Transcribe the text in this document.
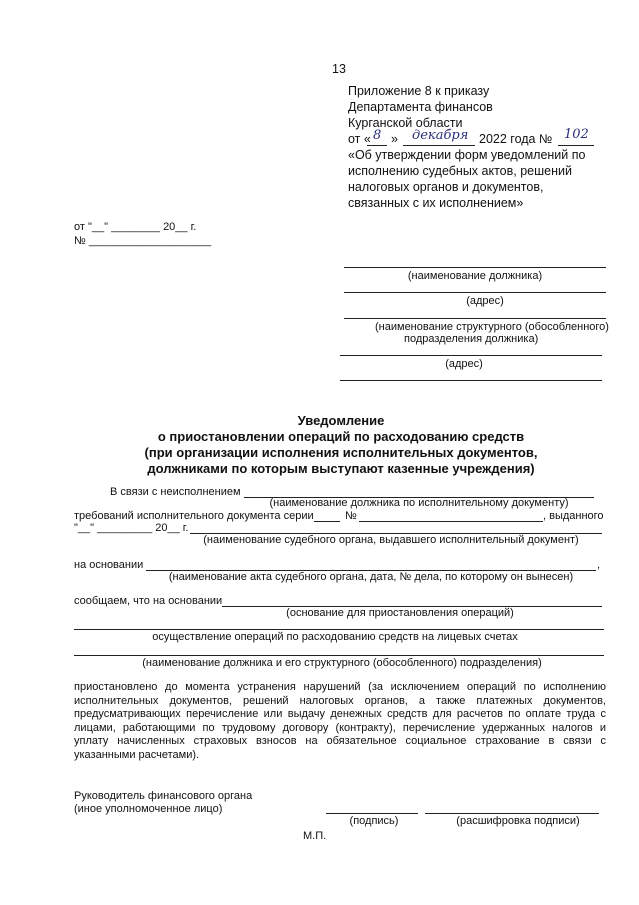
13
Приложение 8 к приказу
Департамента финансов
Курганской области
от « 8 » декабря 2022 года № 102
«Об утверждении форм уведомлений по
исполнению судебных актов, решений
налоговых органов и документов,
связанных с их исполнением»
от "__" ________ 20__ г.
№ ____________________
(наименование должника)
(адрес)
(наименование структурного (обособленного)
подразделения должника)
(адрес)
Уведомление
о приостановлении операций по расходованию средств
(при организации исполнения исполнительных документов,
должниками по которым выступают казенные учреждения)
В связи с неисполнением
(наименование должника по исполнительному документу)
требований исполнительного документа серии	№	, выданного
"__" _________ 20__ г.
(наименование судебного органа, выдавшего исполнительный документ)
на основании	,
(наименование акта судебного органа, дата, № дела, по которому он вынесен)
сообщаем, что на основании
(основание для приостановления операций)
осуществление операций по расходованию средств на лицевых счетах
(наименование должника и его структурного (обособленного) подразделения)
приостановлено до момента устранения нарушений (за исключением операций по исполнению исполнительных документов, решений налоговых органов, а также платежных документов, предусматривающих перечисление или выдачу денежных средств для расчетов по оплате труда с лицами, работающими по трудовому договору (контракту), перечисление удержанных налогов и уплату начисленных страховых взносов на обязательное социальное страхование в связи с указанными расчетами).
Руководитель финансового органа
(иное уполномоченное лицо)
(подпись)	(расшифровка подписи)
М.П.
